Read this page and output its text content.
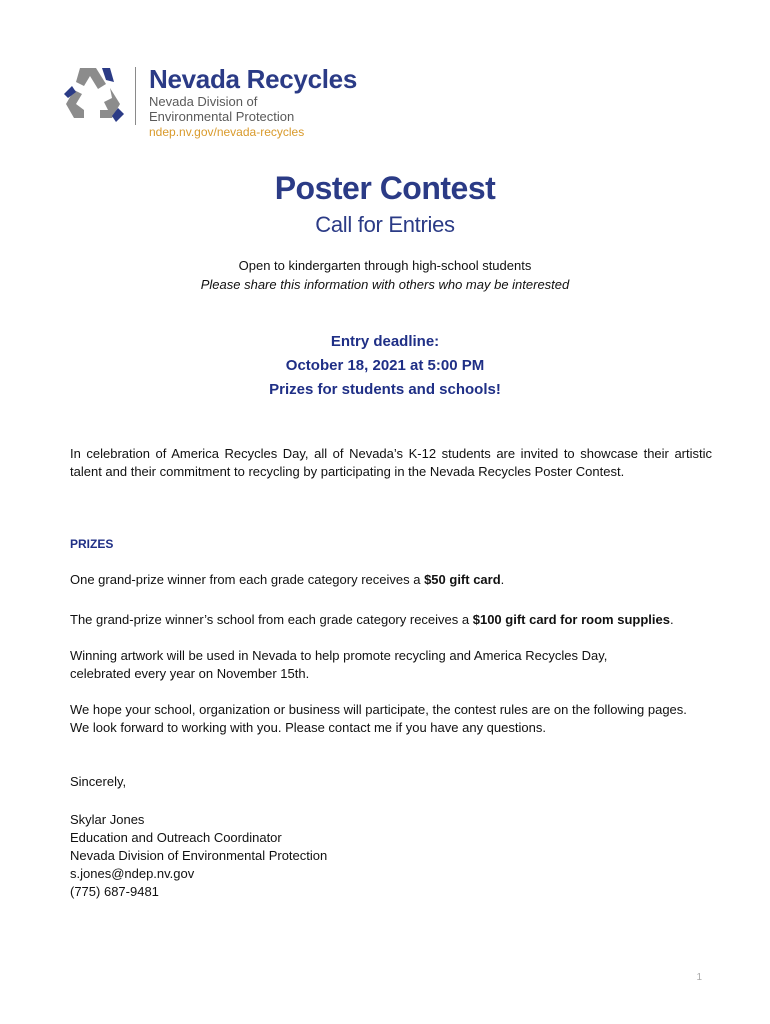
Nevada Recycles
Nevada Division of
Environmental Protection
ndep.nv.gov/nevada-recycles
Poster Contest
Call for Entries
Open to kindergarten through high-school students
Please share this information with others who may be interested
Entry deadline:
October 18, 2021 at 5:00 PM
Prizes for students and schools!
In celebration of America Recycles Day, all of Nevada’s K-12 students are invited to showcase their artistic talent and their commitment to recycling by participating in the Nevada Recycles Poster Contest.
PRIZES
One grand-prize winner from each grade category receives a $50 gift card.
The grand-prize winner’s school from each grade category receives a $100 gift card for room supplies.
Winning artwork will be used in Nevada to help promote recycling and America Recycles Day, celebrated every year on November 15th.
We hope your school, organization or business will participate, the contest rules are on the following pages. We look forward to working with you. Please contact me if you have any questions.
Sincerely,
Skylar Jones
Education and Outreach Coordinator
Nevada Division of Environmental Protection
s.jones@ndep.nv.gov
(775) 687-9481
1
